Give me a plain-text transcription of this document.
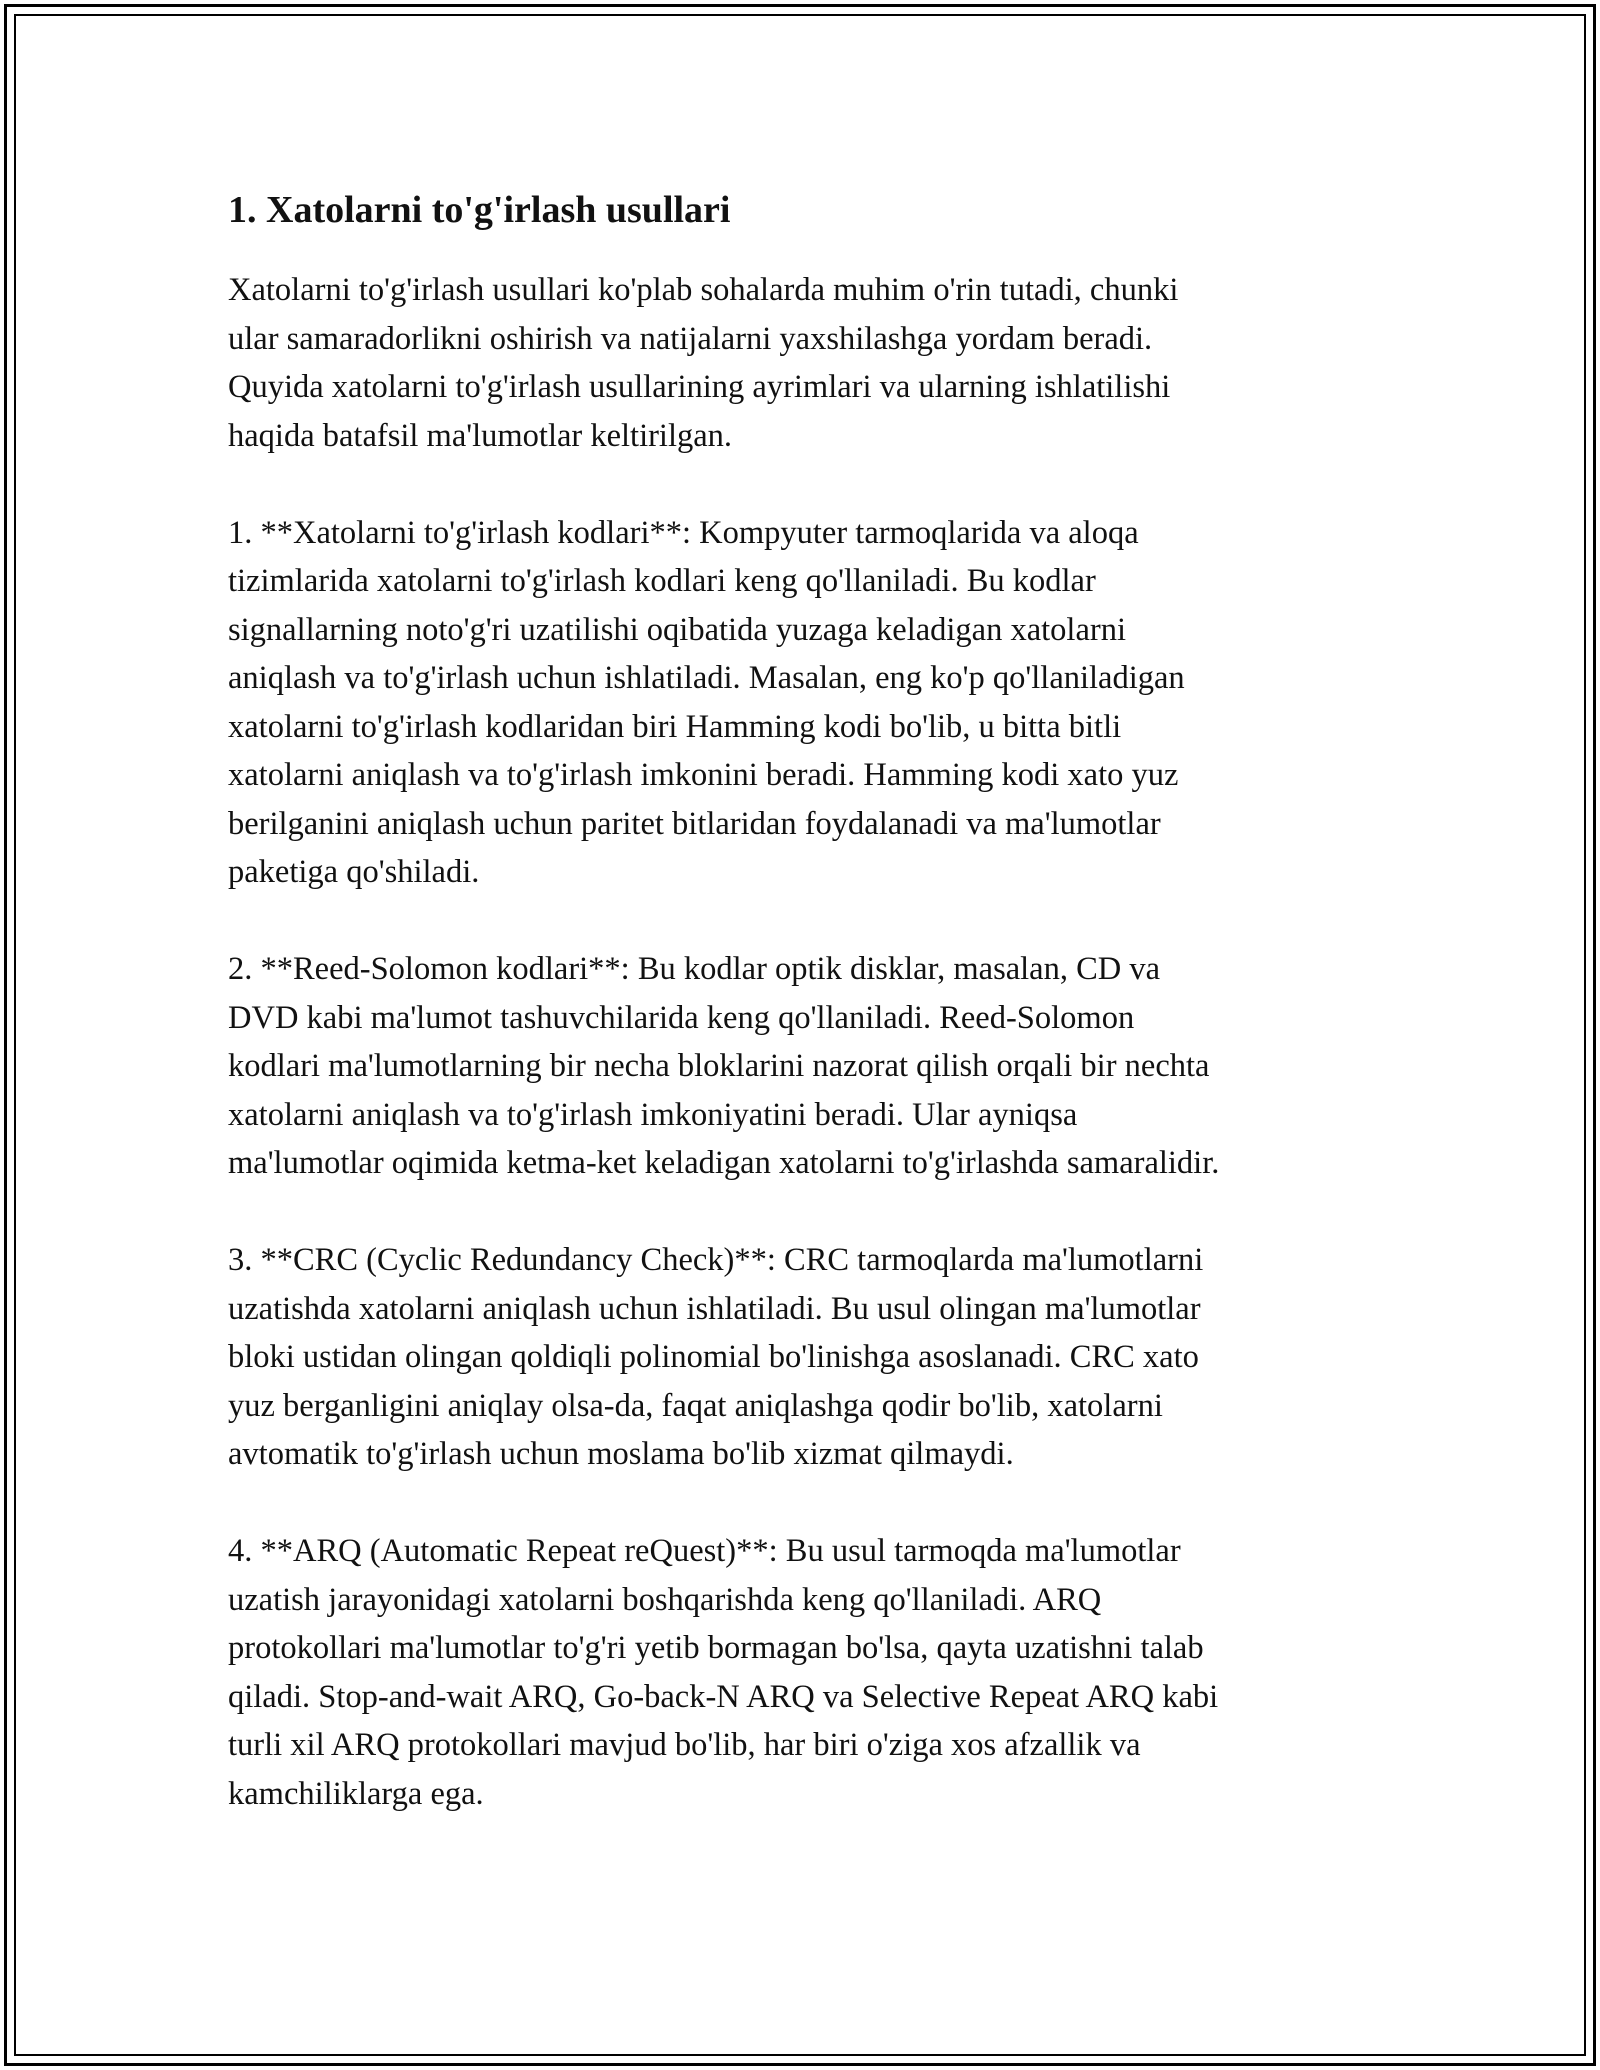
1. Xatolarni to'g'irlash usullari

Xatolarni to'g'irlash usullari ko'plab sohalarda muhim o'rin tutadi, chunki
ular samaradorlikni oshirish va natijalarni yaxshilashga yordam beradi.
Quyida xatolarni to'g'irlash usullarining ayrimlari va ularning ishlatilishi
haqida batafsil ma'lumotlar keltirilgan.

1. **Xatolarni to'g'irlash kodlari**: Kompyuter tarmoqlarida va aloqa
tizimlarida xatolarni to'g'irlash kodlari keng qo'llaniladi. Bu kodlar
signallarning noto'g'ri uzatilishi oqibatida yuzaga keladigan xatolarni
aniqlash va to'g'irlash uchun ishlatiladi. Masalan, eng ko'p qo'llaniladigan
xatolarni to'g'irlash kodlaridan biri Hamming kodi bo'lib, u bitta bitli
xatolarni aniqlash va to'g'irlash imkonini beradi. Hamming kodi xato yuz
berilganini aniqlash uchun paritet bitlaridan foydalanadi va ma'lumotlar
paketiga qo'shiladi.

2. **Reed-Solomon kodlari**: Bu kodlar optik disklar, masalan, CD va
DVD kabi ma'lumot tashuvchilarida keng qo'llaniladi. Reed-Solomon
kodlari ma'lumotlarning bir necha bloklarini nazorat qilish orqali bir nechta
xatolarni aniqlash va to'g'irlash imkoniyatini beradi. Ular ayniqsa
ma'lumotlar oqimida ketma-ket keladigan xatolarni to'g'irlashda samaralidir.

3. **CRC (Cyclic Redundancy Check)**: CRC tarmoqlarda ma'lumotlarni
uzatishda xatolarni aniqlash uchun ishlatiladi. Bu usul olingan ma'lumotlar
bloki ustidan olingan qoldiqli polinomial bo'linishga asoslanadi. CRC xato
yuz berganligini aniqlay olsa-da, faqat aniqlashga qodir bo'lib, xatolarni
avtomatik to'g'irlash uchun moslama bo'lib xizmat qilmaydi.

4. **ARQ (Automatic Repeat reQuest)**: Bu usul tarmoqda ma'lumotlar
uzatish jarayonidagi xatolarni boshqarishda keng qo'llaniladi. ARQ
protokollari ma'lumotlar to'g'ri yetib bormagan bo'lsa, qayta uzatishni talab
qiladi. Stop-and-wait ARQ, Go-back-N ARQ va Selective Repeat ARQ kabi
turli xil ARQ protokollari mavjud bo'lib, har biri o'ziga xos afzallik va
kamchiliklarga ega.
